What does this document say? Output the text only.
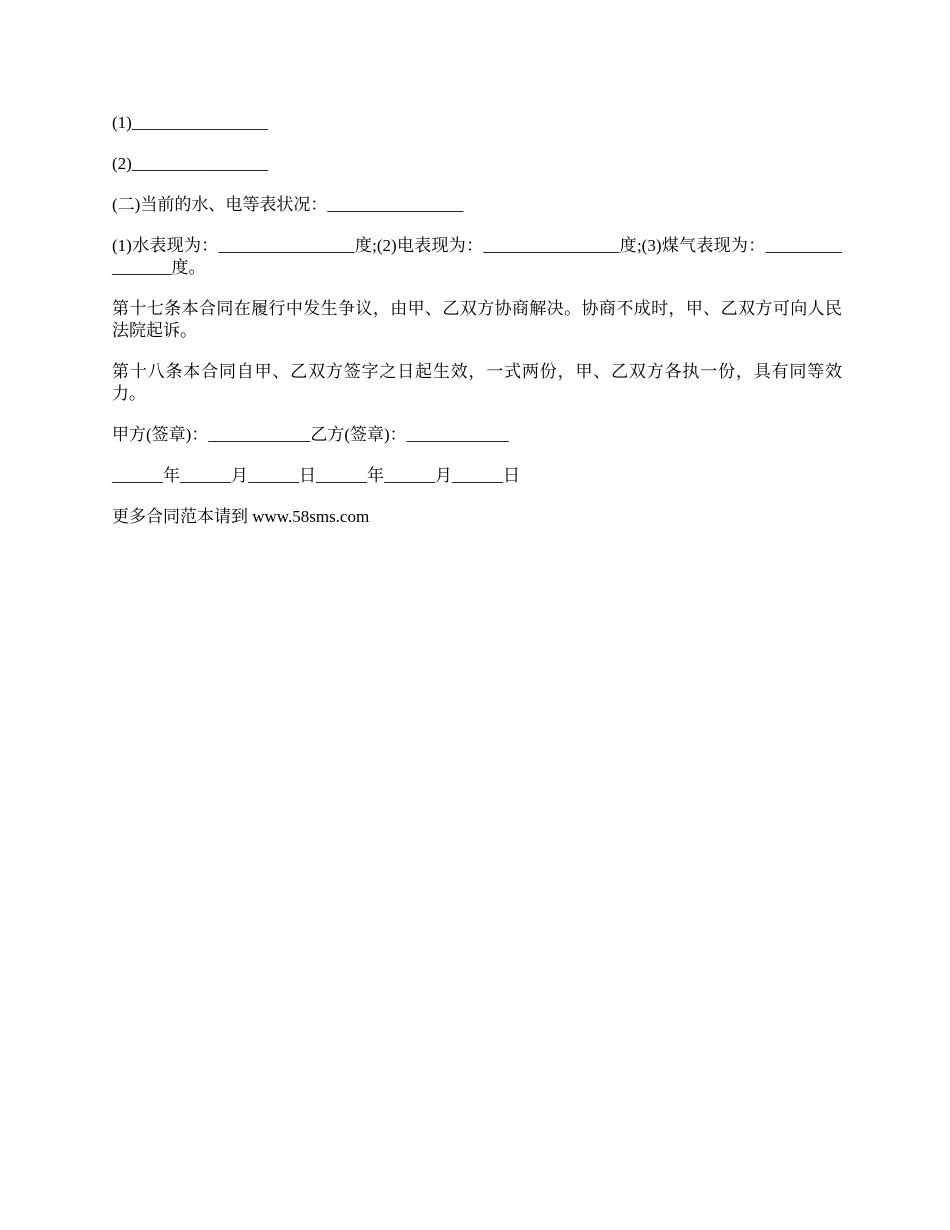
(1)________________

(2)________________

(二)当前的水、电等表状况：________________

(1)水表现为：________________度;(2)电表现为：________________度;(3)煤气表现为：________________度。

第十七条本合同在履行中发生争议，由甲、乙双方协商解决。协商不成时，甲、乙双方可向人民法院起诉。

第十八条本合同自甲、乙双方签字之日起生效，一式两份，甲、乙双方各执一份，具有同等效力。

甲方(签章)：____________乙方(签章)：____________

______年______月______日______年______月______日

更多合同范本请到 www.58sms.com
